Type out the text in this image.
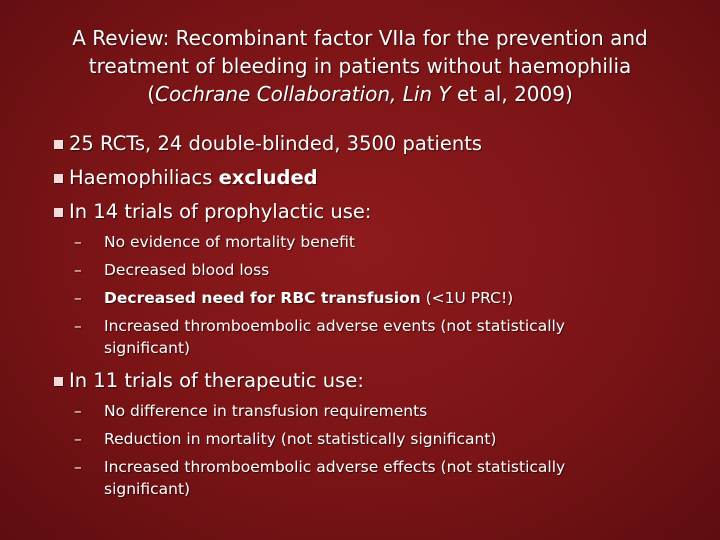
A Review: Recombinant factor VIIa for the prevention and
treatment of bleeding in patients without haemophilia
(Cochrane Collaboration, Lin Y et al, 2009)
25 RCTs, 24 double-blinded, 3500 patients
Haemophiliacs excluded
In 14 trials of prophylactic use:
– No evidence of mortality benefit
– Decreased blood loss
– Decreased need for RBC transfusion (<1U PRC!)
– Increased thromboembolic adverse events (not statistically
significant)
In 11 trials of therapeutic use:
– No difference in transfusion requirements
– Reduction in mortality (not statistically significant)
– Increased thromboembolic adverse effects (not statistically
significant)
